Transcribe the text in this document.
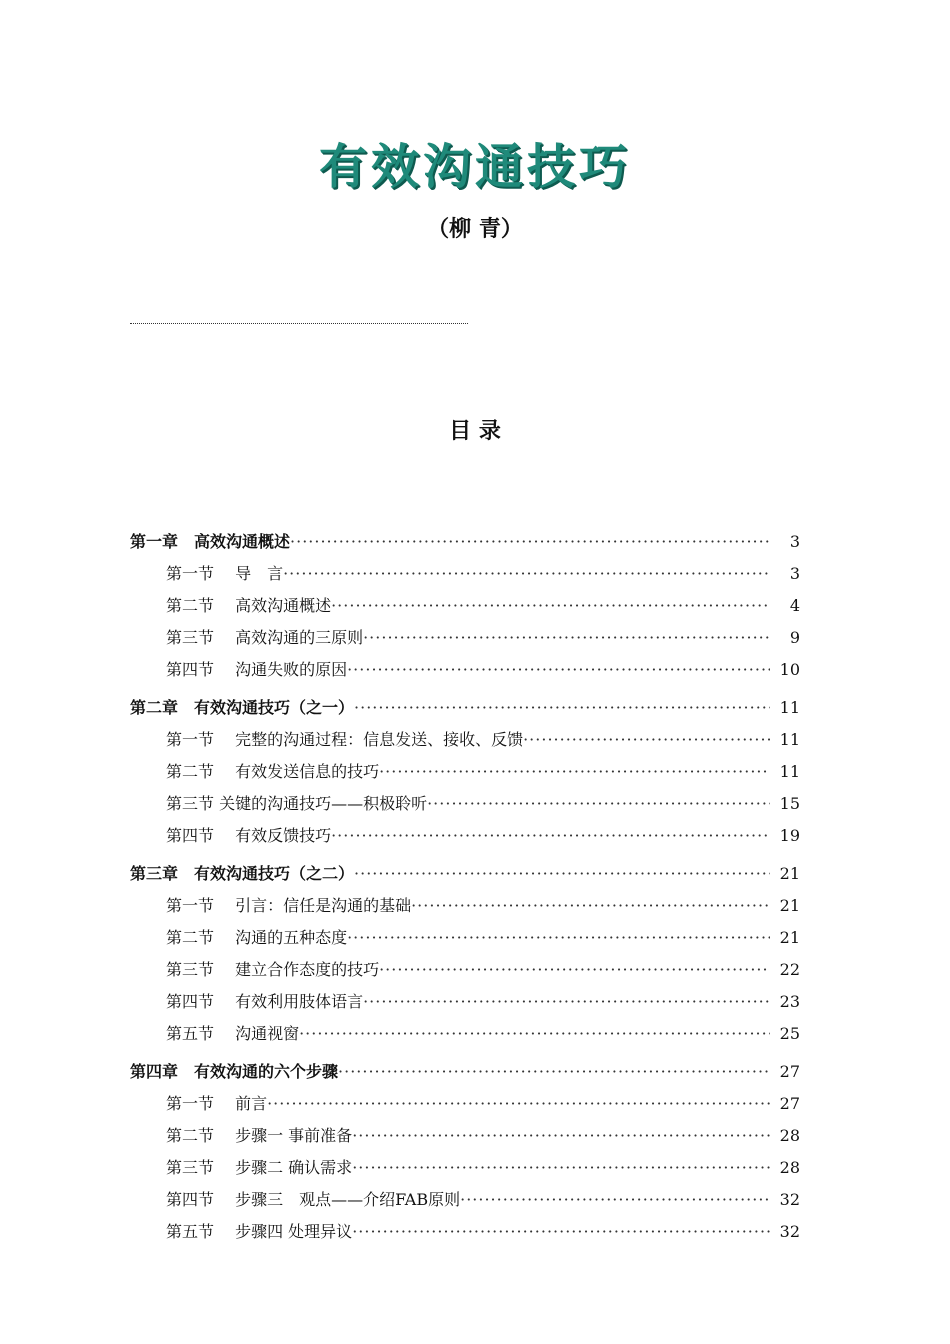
有效沟通技巧
（柳 青）
目 录
第一章　高效沟通概述 ·····	3
第一节　 导　言 ·····	3
第二节　 高效沟通概述 ·····	4
第三节　 高效沟通的三原则 ·····	9
第四节　 沟通失败的原因 ·····	10
第二章　有效沟通技巧（之一） ·····	11
第一节　 完整的沟通过程：信息发送、接收、反馈 ·····	11
第二节　 有效发送信息的技巧 ·····	11
第三节 关键的沟通技巧——积极聆听 ·····	15
第四节　 有效反馈技巧 ·····	19
第三章　有效沟通技巧（之二） ·····	21
第一节　 引言：信任是沟通的基础 ·····	21
第二节　 沟通的五种态度 ·····	21
第三节　 建立合作态度的技巧 ·····	22
第四节　 有效利用肢体语言 ·····	23
第五节　 沟通视窗 ·····	25
第四章　有效沟通的六个步骤 ·····	27
第一节　 前言 ·····	27
第二节　 步骤一 事前准备 ·····	28
第三节　 步骤二 确认需求 ·····	28
第四节　 步骤三　观点——介绍FAB原则 ·····	32
第五节　 步骤四 处理异议 ·····	32
